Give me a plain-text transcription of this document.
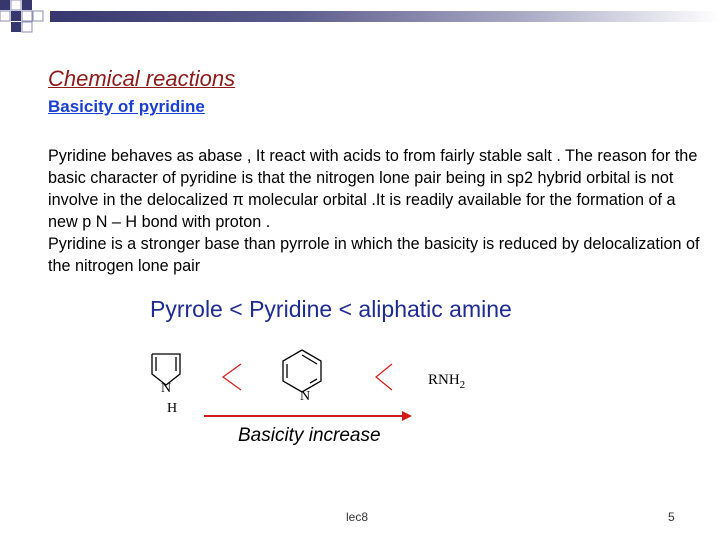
Chemical reactions
Basicity of pyridine

Pyridine behaves as abase , It react with acids to from fairly stable salt . The reason for the basic character of pyridine is that the nitrogen lone pair being in sp2 hybrid orbital is not involve in the delocalized π molecular orbital .It is readily available for the formation of a new p N – H bond with proton .

Pyridine is a stronger base than pyrrole in which the basicity is reduced by delocalization of the nitrogen lone pair

Pyrrole < Pyridine < aliphatic amine
N
H
N
$RNH_2$
Basicity increase
lec8	5
